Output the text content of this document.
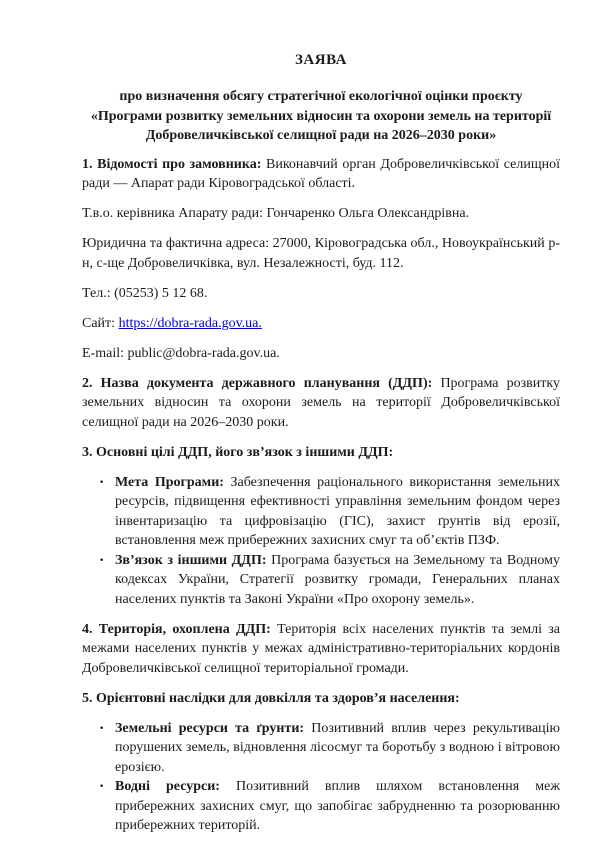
ЗАЯВА

про визначення обсягу стратегічної екологічної оцінки проєкту «Програми розвитку земельних відносин та охорони земель на території Добровеличківської селищної ради на 2026–2030 роки»

1. Відомості про замовника: Виконавчий орган Добровеличківської селищної ради — Апарат ради Кіровоградської області.

Т.в.о. керівника Апарату ради: Гончаренко Ольга Олександрівна.

Юридична та фактична адреса: 27000, Кіровоградська обл., Новоукраїнський р-н, с-ще Добровеличківка, вул. Незалежності, буд. 112.

Тел.: (05253) 5 12 68.

Сайт: https://dobra-rada.gov.ua.

E-mail: public@dobra-rada.gov.ua.

2. Назва документа державного планування (ДДП): Програма розвитку земельних відносин та охорони земель на території Добровеличківської селищної ради на 2026–2030 роки.

3. Основні цілі ДДП, його зв’язок з іншими ДДП:

· Мета Програми: Забезпечення раціонального використання земельних ресурсів, підвищення ефективності управління земельним фондом через інвентаризацію та цифровізацію (ГІС), захист ґрунтів від ерозії, встановлення меж прибережних захисних смуг та об’єктів ПЗФ.
· Зв’язок з іншими ДДП: Програма базується на Земельному та Водному кодексах України, Стратегії розвитку громади, Генеральних планах населених пунктів та Законі України «Про охорону земель».

4. Територія, охоплена ДДП: Територія всіх населених пунктів та землі за межами населених пунктів у межах адміністративно-територіальних кордонів Добровеличківської селищної територіальної громади.

5. Орієнтовні наслідки для довкілля та здоров’я населення:

· Земельні ресурси та ґрунти: Позитивний вплив через рекультивацію порушених земель, відновлення лісосмуг та боротьбу з водною і вітровою ерозією.
· Водні ресурси: Позитивний вплив шляхом встановлення меж прибережних захисних смуг, що запобігає забрудненню та розорюванню прибережних територій.
